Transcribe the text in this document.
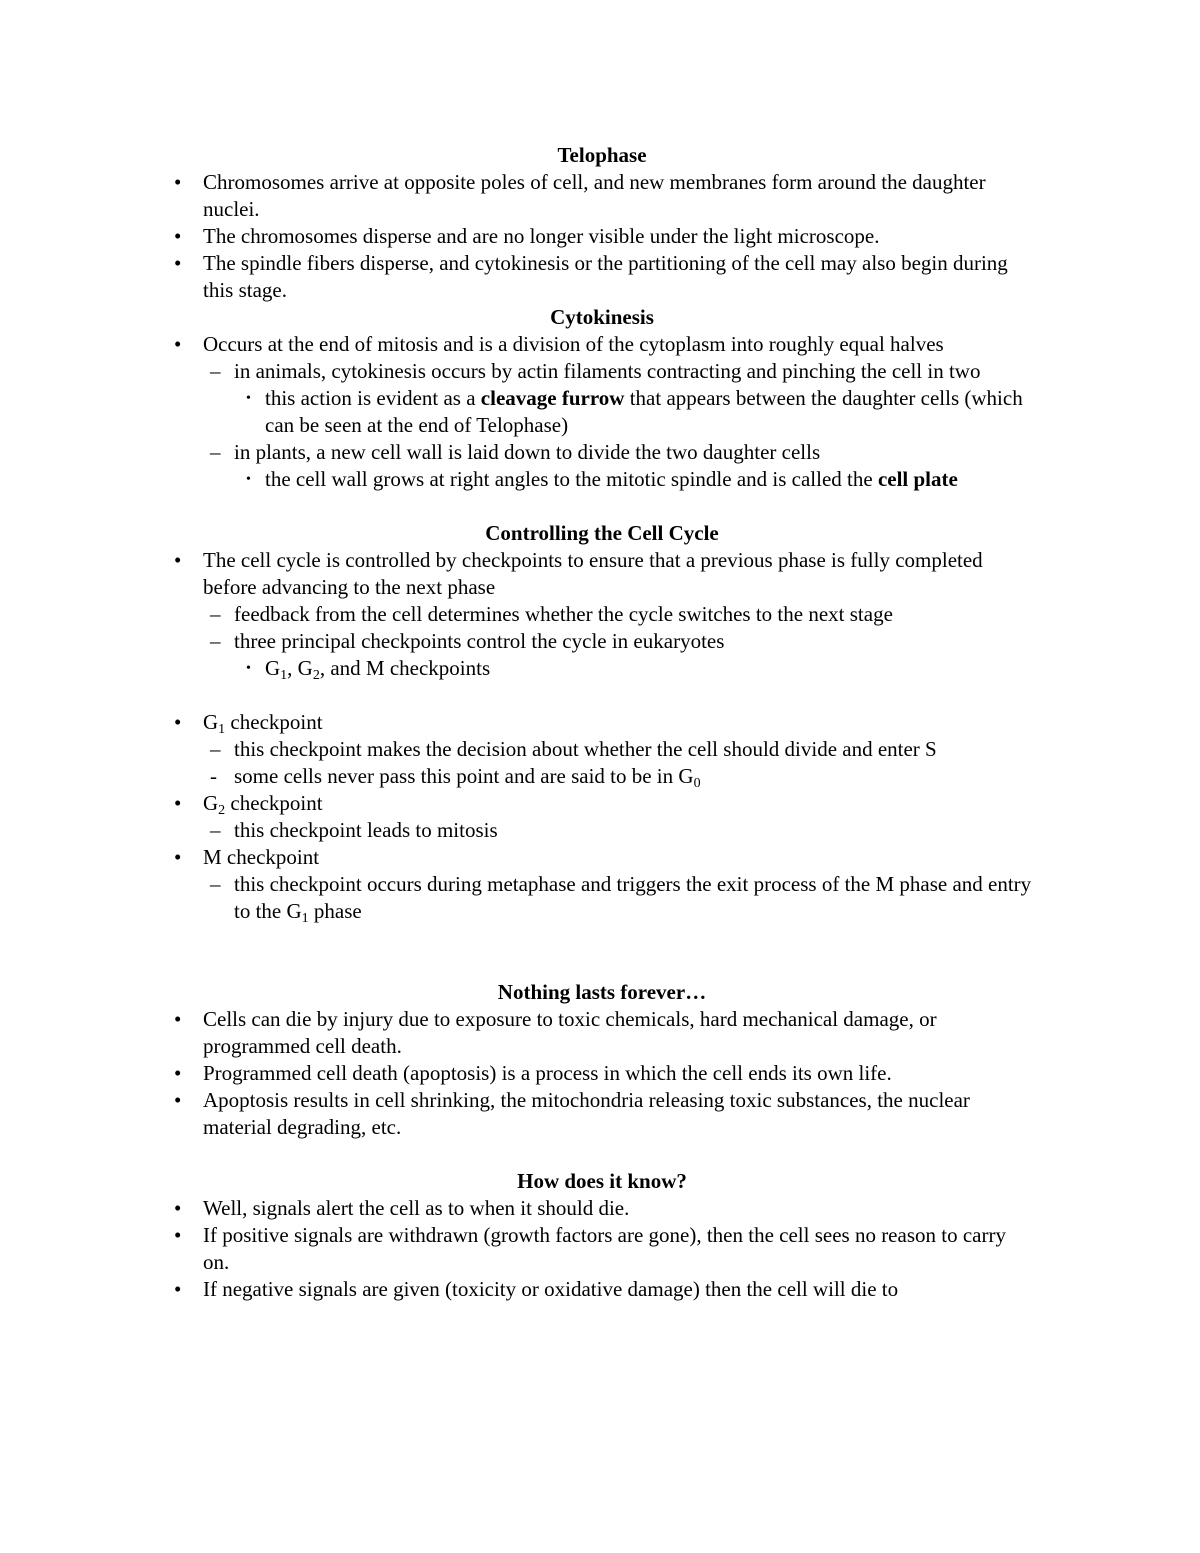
Telophase
• Chromosomes arrive at opposite poles of cell, and new membranes form around the daughter nuclei.
• The chromosomes disperse and are no longer visible under the light microscope.
• The spindle fibers disperse, and cytokinesis or the partitioning of the cell may also begin during this stage.
Cytokinesis
• Occurs at the end of mitosis and is a division of the cytoplasm into roughly equal halves
– in animals, cytokinesis occurs by actin filaments contracting and pinching the cell in two
• this action is evident as a cleavage furrow that appears between the daughter cells (which can be seen at the end of Telophase)
– in plants, a new cell wall is laid down to divide the two daughter cells
• the cell wall grows at right angles to the mitotic spindle and is called the cell plate
Controlling the Cell Cycle
• The cell cycle is controlled by checkpoints to ensure that a previous phase is fully completed before advancing to the next phase
– feedback from the cell determines whether the cycle switches to the next stage
– three principal checkpoints control the cycle in eukaryotes
• $G_1$, $G_2$, and M checkpoints
• $G_1$ checkpoint
– this checkpoint makes the decision about whether the cell should divide and enter S
- some cells never pass this point and are said to be in $G_0$
• $G_2$ checkpoint
– this checkpoint leads to mitosis
• M checkpoint
– this checkpoint occurs during metaphase and triggers the exit process of the M phase and entry to the $G_1$ phase
Nothing lasts forever…
• Cells can die by injury due to exposure to toxic chemicals, hard mechanical damage, or programmed cell death.
• Programmed cell death (apoptosis) is a process in which the cell ends its own life.
• Apoptosis results in cell shrinking, the mitochondria releasing toxic substances, the nuclear material degrading, etc.
How does it know?
• Well, signals alert the cell as to when it should die.
• If positive signals are withdrawn (growth factors are gone), then the cell sees no reason to carry on.
• If negative signals are given (toxicity or oxidative damage) then the cell will die to
